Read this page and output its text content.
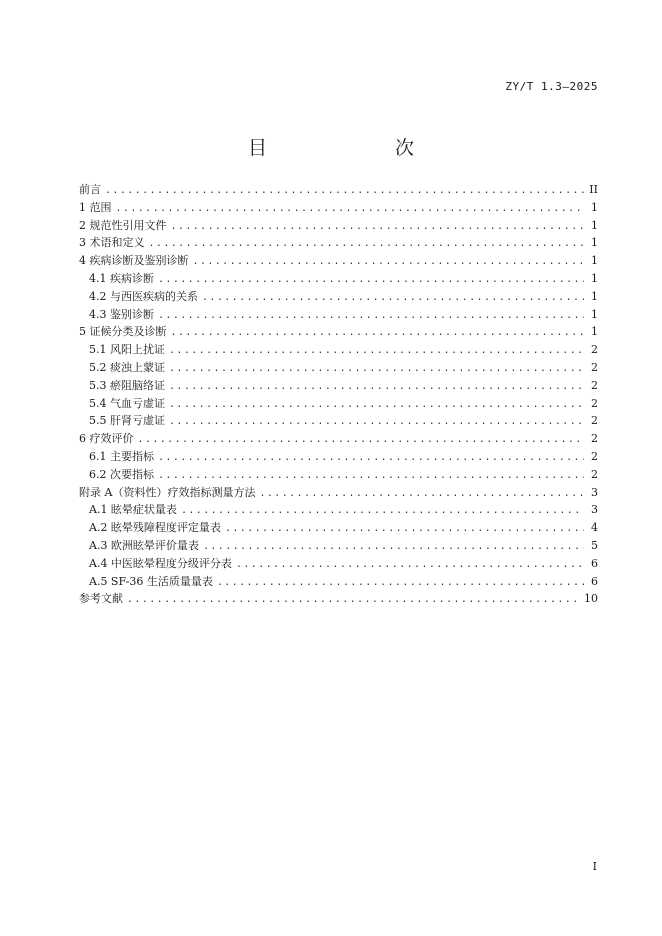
ZY/T 1.3—2025
目　　次
前言 .....	II
1 范围 .....	1
2 规范性引用文件 .....	1
3 术语和定义 .....	1
4 疾病诊断及鉴别诊断 .....	1
4.1 疾病诊断 .....	1
4.2 与西医疾病的关系 .....	1
4.3 鉴别诊断 .....	1
5 证候分类及诊断 .....	1
5.1 风阳上扰证 .....	2
5.2 痰浊上蒙证 .....	2
5.3 瘀阻脑络证 .....	2
5.4 气血亏虚证 .....	2
5.5 肝肾亏虚证 .....	2
6 疗效评价 .....	2
6.1 主要指标 .....	2
6.2 次要指标 .....	2
附录 A（资料性）疗效指标测量方法 .....	3
A.1 眩晕症状量表 .....	3
A.2 眩晕残障程度评定量表 .....	4
A.3 欧洲眩晕评价量表 .....	5
A.4 中医眩晕程度分级评分表 .....	6
A.5 SF-36 生活质量量表 .....	6
参考文献 .....	10
I
